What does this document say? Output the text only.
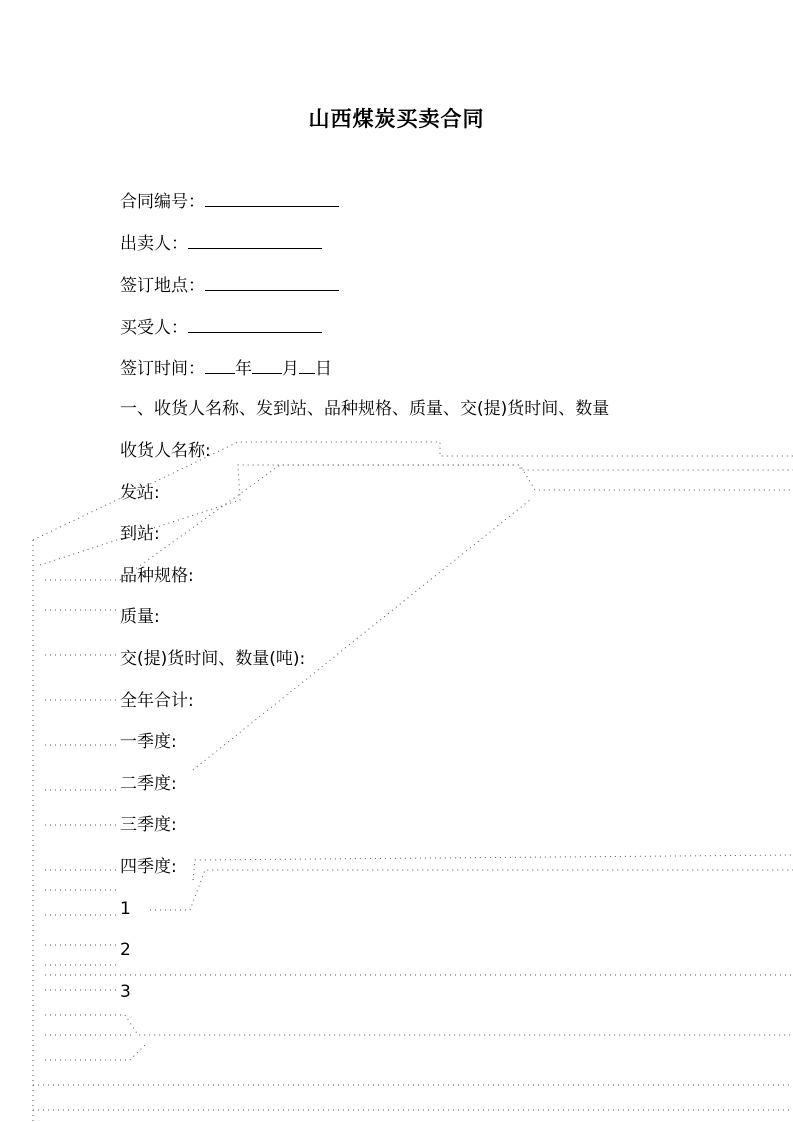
山西煤炭买卖合同
合同编号：
出卖人：
签订地点：
买受人：
签订时间： 年 月 日
一、收货人名称、发到站、品种规格、质量、交(提)货时间、数量
收货人名称:
发站:
到站:
品种规格:
质量:
交(提)货时间、数量(吨):
全年合计:
一季度:
二季度:
三季度:
四季度:
1
2
3
